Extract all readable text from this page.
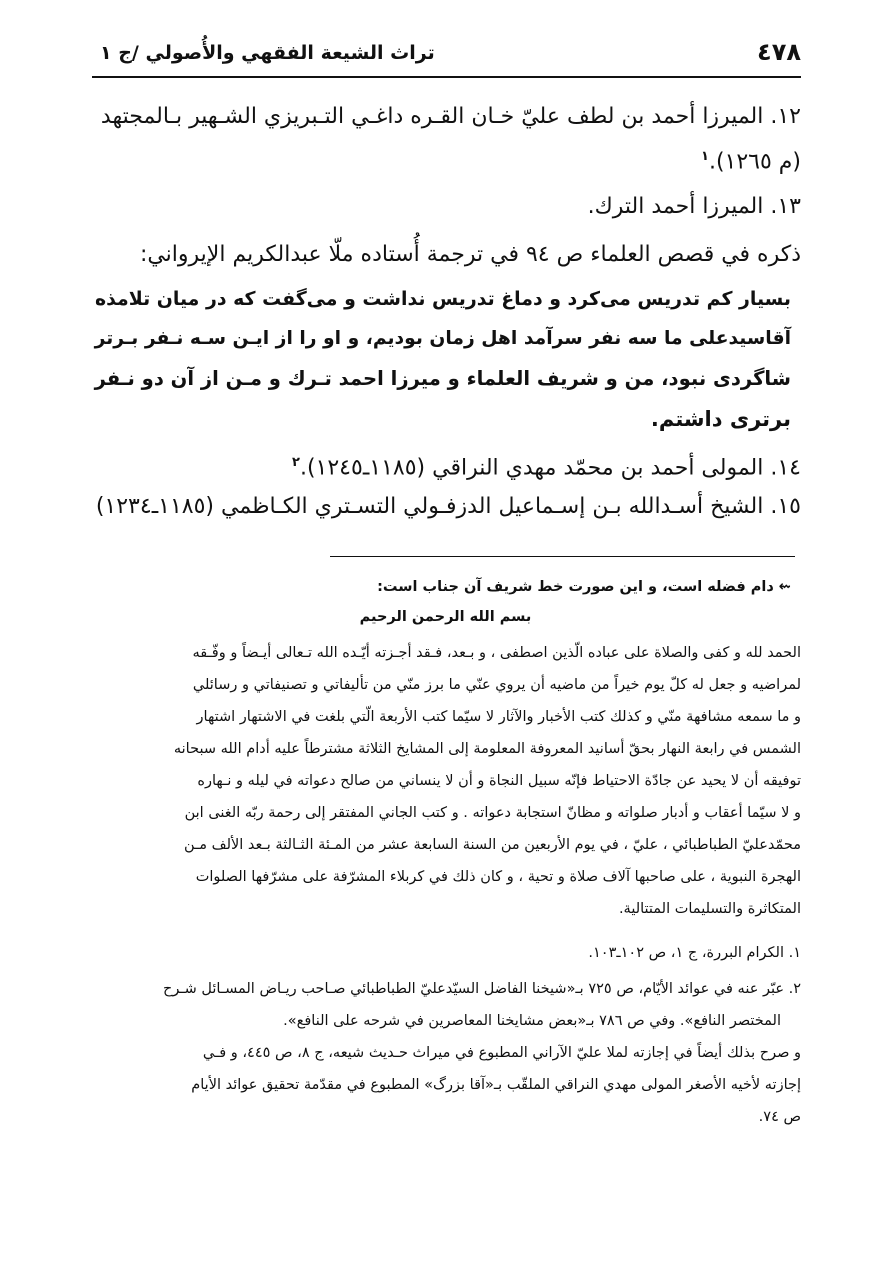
٤٧٨
تراث الشيعة الفقهي والأُصولي /ج ١
١٢. الميرزا أحمد بن لطف عليّ خـان القـره داغـي التـبريزي الشـهير بـالمجتهد
(م ١٢٦٥).$^١$
١٣. الميرزا أحمد الترك.
ذكره في قصص العلماء ص ٩٤ في ترجمة أُستاده ملّا عبدالكريم الإيرواني:
بسيار كم تدريس مى‌كرد و دماغ تدريس نداشت و مى‌گفت كه در ميان تلامذه
آقاسيدعلى ما سه نفر سرآمد اهل زمان بوديم، و او را از ايـن سـه نـفر بـرتر
شاگردى نبود، من و شريف العلماء و ميرزا احمد تـرك و مـن از آن دو نـفر
برترى داشتم.
١٤. المولى أحمد بن محمّد مهدي النراقي (١١٨٥ـ١٢٤٥).$^٢$
١٥. الشيخ أسـدالله بـن إسـماعيل الدزفـولي التسـتري الكـاظمي (١١٨٥ـ١٢٣٤)
⇜ دام فضله است، و اين صورت خط شريف آن جناب است:
بسم الله الرحمن الرحيم
الحمد لله و كفى والصلاة على عباده الّذين اصطفى ، و بـعد، فـقد أجـزته أيّـده الله تـعالى أيـضاً و وفّـقه
لمراضيه و جعل له كلّ يوم خيراً من ماضيه أن يروي عنّي ما برز منّي من تأليفاتي و تصنيفاتي و رسائلي
و ما سمعه مشافهة منّي و كذلك كتب الأخبار والآثار لا سيّما كتب الأربعة الّتي بلغت في الاشتهار اشتهار
الشمس في رابعة النهار بحقّ أسانيد المعروفة المعلومة إلى المشايخ الثلاثة مشترطاً عليه أدام الله سبحانه
توفيقه أن لا يحيد عن جادّة الاحتياط فإنّه سبيل النجاة و أن لا ينساني من صالح دعواته في ليله و نـهاره
و لا سيّما أعقاب و أدبار صلواته و مظانّ استجابة دعواته . و كتب الجاني المفتقر إلى رحمة ربّه الغنى ابن
محمّدعليّ الطباطبائي ، عليّ ، في يوم الأربعين من السنة السابعة عشر من المـئة الثـالثة بـعد الألف مـن
الهجرة النبوية ، على صاحبها آلاف صلاة و تحية ، و كان ذلك في كربلاء المشرّفة على مشرّفها الصلوات
المتكاثرة والتسليمات المتتالية.
١. الكرام البررة، ج ١، ص ١٠٢ـ١٠٣.
٢. عبّر عنه في عوائد الأيّام، ص ٧٢٥ بـ«شيخنا الفاضل السيّدعليّ الطباطبائي صـاحب ريـاض المسـائل شـرح
المختصر النافع». وفي ص ٧٨٦ بـ«بعض مشايخنا المعاصرين في شرحه على النافع».
و صرح بذلك أيضاً في إجازته لملا عليّ الآراني المطبوع في ميراث حـديث شيعه، ج ٨، ص ٤٤٥، و فـي
إجازته لأخيه الأصغر المولى مهدي النراقي الملقّب بـ«آقا بزرگ» المطبوع في مقدّمة تحقيق عوائد الأيام
ص ٧٤.
